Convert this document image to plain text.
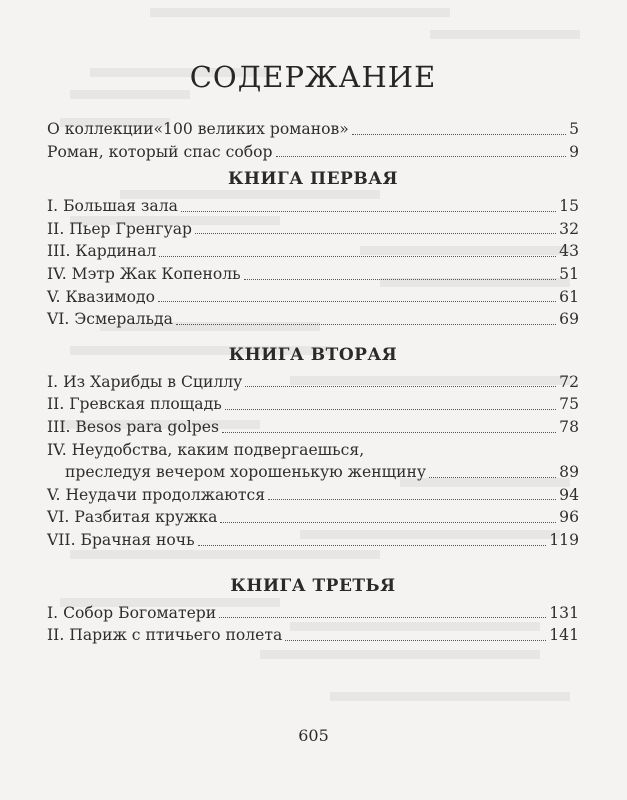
СОДЕРЖАНИЕ
О коллекции«100 великих романов»	5
Роман, который спас собор	9
КНИГА ПЕРВАЯ
I. Большая зала	15
II. Пьер Гренгуар	32
III. Кардинал	43
IV. Мэтр Жак Копеноль	51
V. Квазимодо	61
VI. Эсмеральда	69
КНИГА ВТОРАЯ
I. Из Харибды в Сциллу	72
II. Гревская площадь	75
III. Besos para golpes	78
IV. Неудобства, каким подвергаешься,
преследуя вечером хорошенькую женщину	89
V. Неудачи продолжаются	94
VI. Разбитая кружка	96
VII. Брачная ночь	119
КНИГА ТРЕТЬЯ
I. Собор Богоматери	131
II. Париж с птичьего полета	141
605
